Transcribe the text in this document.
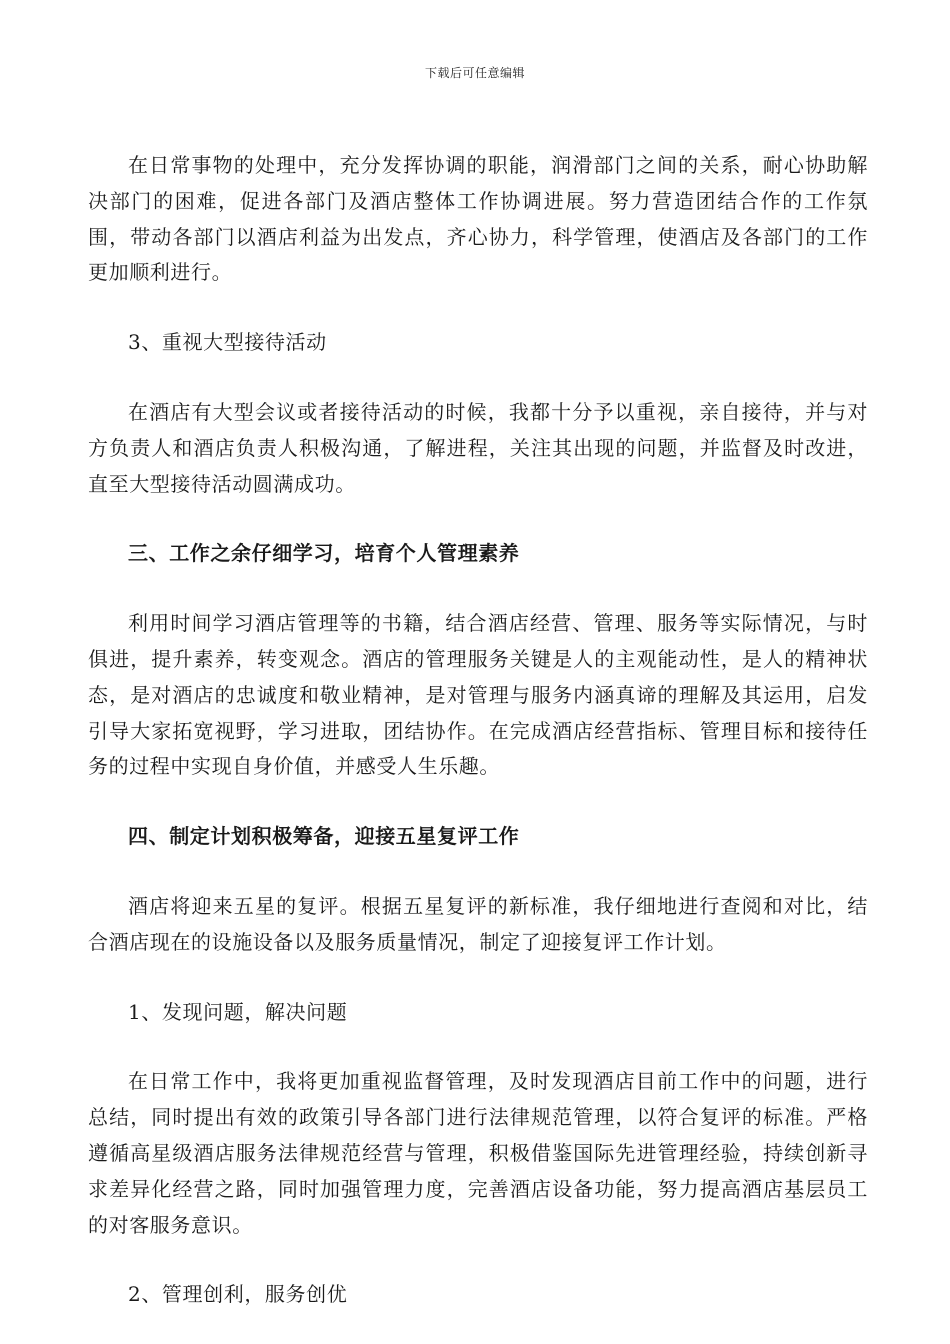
下载后可任意编辑

在日常事物的处理中，充分发挥协调的职能，润滑部门之间的关系，耐心协助解决部门的困难，促进各部门及酒店整体工作协调进展。努力营造团结合作的工作氛围，带动各部门以酒店利益为出发点，齐心协力，科学管理，使酒店及各部门的工作更加顺利进行。

3、重视大型接待活动

在酒店有大型会议或者接待活动的时候，我都十分予以重视，亲自接待，并与对方负责人和酒店负责人积极沟通，了解进程，关注其出现的问题，并监督及时改进，直至大型接待活动圆满成功。

三、工作之余仔细学习，培育个人管理素养

利用时间学习酒店管理等的书籍，结合酒店经营、管理、服务等实际情况，与时俱进，提升素养，转变观念。酒店的管理服务关键是人的主观能动性，是人的精神状态，是对酒店的忠诚度和敬业精神，是对管理与服务内涵真谛的理解及其运用，启发引导大家拓宽视野，学习进取，团结协作。在完成酒店经营指标、管理目标和接待任务的过程中实现自身价值，并感受人生乐趣。

四、制定计划积极筹备，迎接五星复评工作

酒店将迎来五星的复评。根据五星复评的新标准，我仔细地进行查阅和对比，结合酒店现在的设施设备以及服务质量情况，制定了迎接复评工作计划。

1、发现问题，解决问题

在日常工作中，我将更加重视监督管理，及时发现酒店目前工作中的问题，进行总结，同时提出有效的政策引导各部门进行法律规范管理，以符合复评的标准。严格遵循高星级酒店服务法律规范经营与管理，积极借鉴国际先进管理经验，持续创新寻求差异化经营之路，同时加强管理力度，完善酒店设备功能，努力提高酒店基层员工的对客服务意识。

2、管理创利，服务创优
